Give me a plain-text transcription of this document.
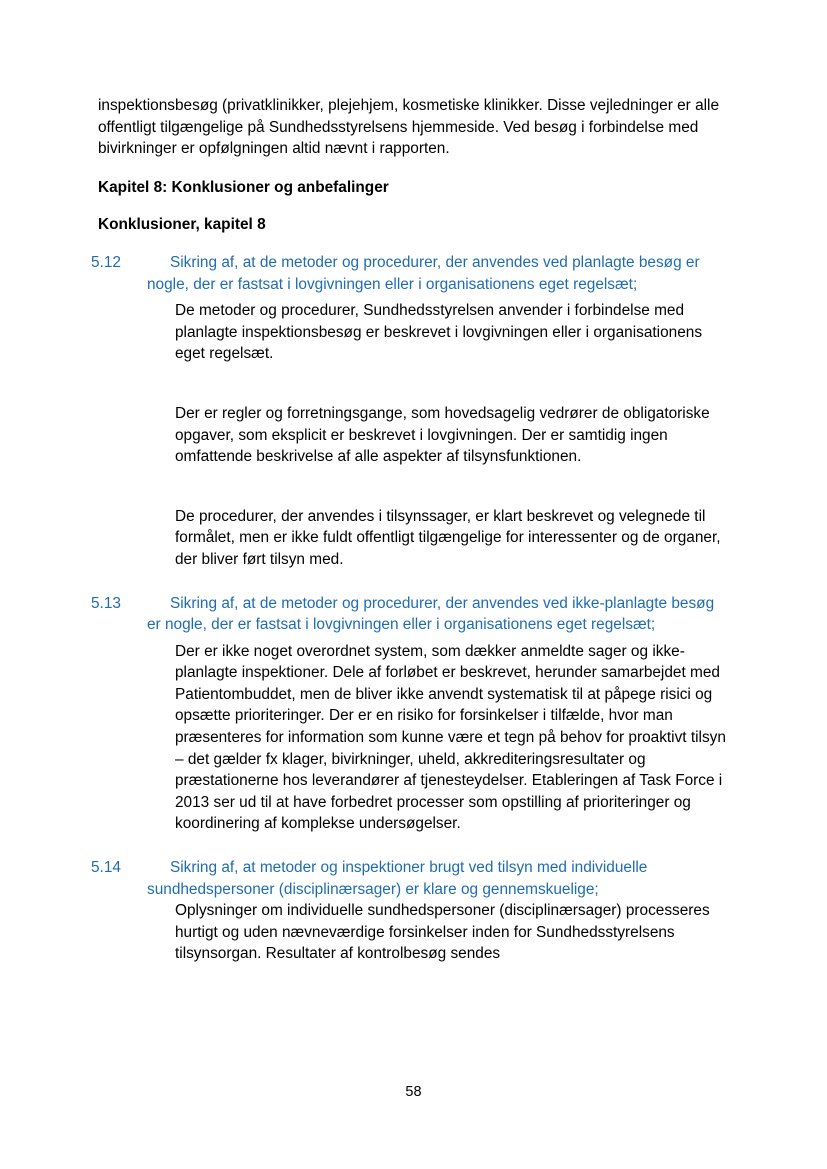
inspektionsbesøg (privatklinikker, plejehjem, kosmetiske klinikker. Disse vejledninger er alle offentligt tilgængelige på Sundhedsstyrelsens hjemmeside. Ved besøg i forbindelse med bivirkninger er opfølgningen altid nævnt i rapporten.

Kapitel 8: Konklusioner og anbefalinger

Konklusioner, kapitel 8

5.12	Sikring af, at de metoder og procedurer, der anvendes ved planlagte besøg er nogle, der er fastsat i lovgivningen eller i organisationens eget regelsæt;

De metoder og procedurer, Sundhedsstyrelsen anvender i forbindelse med planlagte inspektionsbesøg er beskrevet i lovgivningen eller i organisationens eget regelsæt.

Der er regler og forretningsgange, som hovedsagelig vedrører de obligatoriske opgaver, som eksplicit er beskrevet i lovgivningen. Der er samtidig ingen omfattende beskrivelse af alle aspekter af tilsynsfunktionen.

De procedurer, der anvendes i tilsynssager, er klart beskrevet og velegnede til formålet, men er ikke fuldt offentligt tilgængelige for interessenter og de organer, der bliver ført tilsyn med.

5.13	Sikring af, at de metoder og procedurer, der anvendes ved ikke-planlagte besøg er nogle, der er fastsat i lovgivningen eller i organisationens eget regelsæt;

Der er ikke noget overordnet system, som dækker anmeldte sager og ikke-planlagte inspektioner. Dele af forløbet er beskrevet, herunder samarbejdet med Patientombuddet, men de bliver ikke anvendt systematisk til at påpege risici og opsætte prioriteringer. Der er en risiko for forsinkelser i tilfælde, hvor man præsenteres for information som kunne være et tegn på behov for proaktivt tilsyn – det gælder fx klager, bivirkninger, uheld, akkrediteringsresultater og præstationerne hos leverandører af tjenesteydelser. Etableringen af Task Force i 2013 ser ud til at have forbedret processer som opstilling af prioriteringer og koordinering af komplekse undersøgelser.

5.14	Sikring af, at metoder og inspektioner brugt ved tilsyn med individuelle sundhedspersoner (disciplinærsager) er klare og gennemskuelige;

Oplysninger om individuelle sundhedspersoner (disciplinærsager) processeres hurtigt og uden nævneværdige forsinkelser inden for Sundhedsstyrelsens tilsynsorgan. Resultater af kontrolbesøg sendes

58
